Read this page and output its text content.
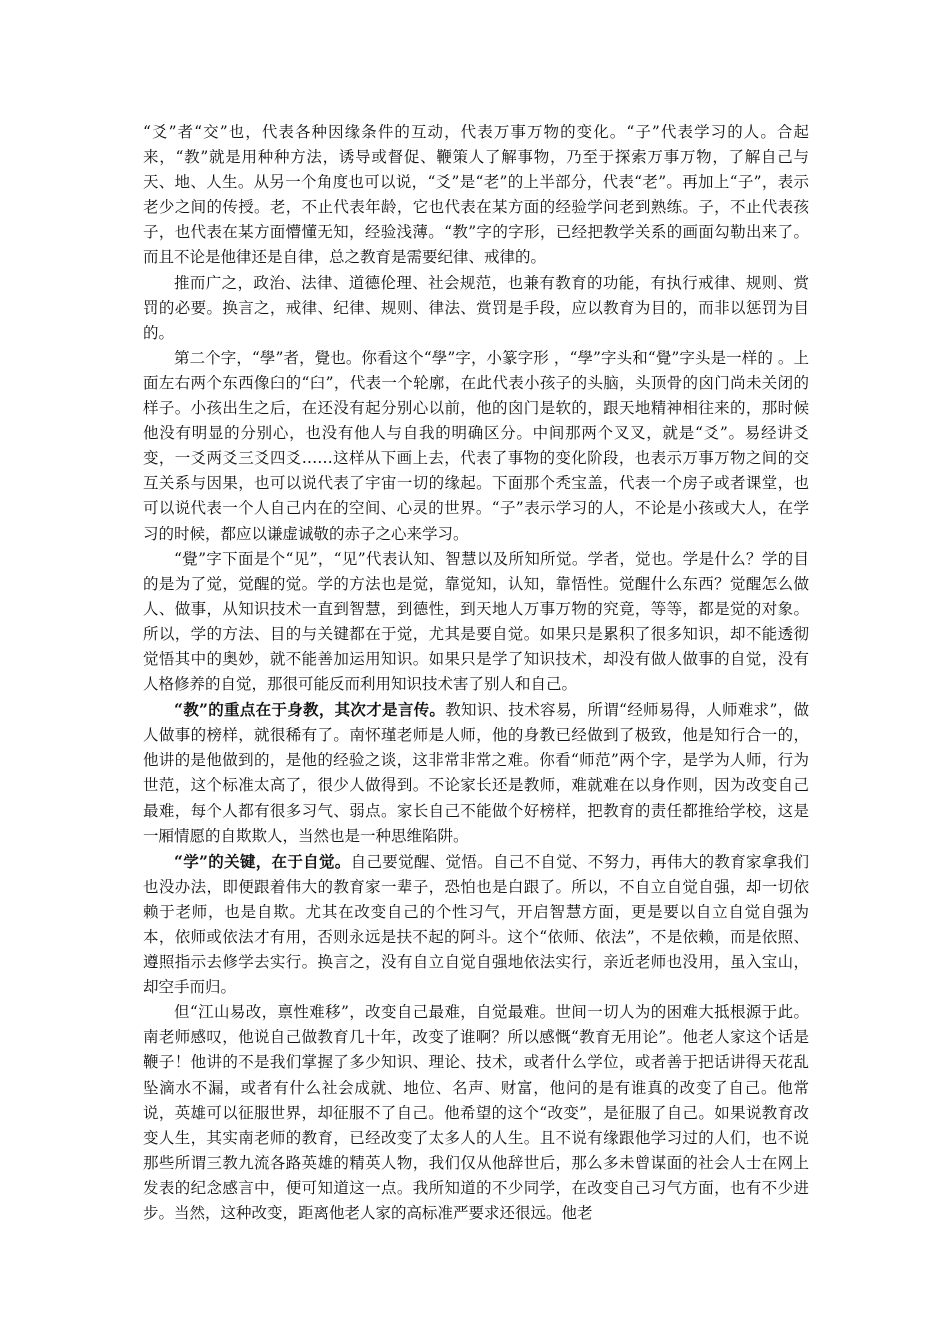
“爻”者“交”也，代表各种因缘条件的互动，代表万事万物的变化。“子”代表学习的人。合起来，“教”就是用种种方法，诱导或督促、鞭策人了解事物，乃至于探索万事万物，了解自己与天、地、人生。从另一个角度也可以说，“爻”是“老”的上半部分，代表“老”。再加上“子”，表示老少之间的传授。老，不止代表年龄，它也代表在某方面的经验学问老到熟练。子，不止代表孩子，也代表在某方面懵懂无知，经验浅薄。“教”字的字形，已经把教学关系的画面勾勒出来了。而且不论是他律还是自律，总之教育是需要纪律、戒律的。

推而广之，政治、法律、道德伦理、社会规范，也兼有教育的功能，有执行戒律、规则、赏罚的必要。换言之，戒律、纪律、规则、律法、赏罚是手段，应以教育为目的，而非以惩罚为目的。

第二个字，“學”者，覺也。你看这个“學”字，小篆字形 ，“學”字头和“覺”字头是一样的 。上面左右两个东西像臼的“臼”，代表一个轮廓，在此代表小孩子的头脑，头顶骨的囟门尚未关闭的样子。小孩出生之后，在还没有起分别心以前，他的囟门是软的，跟天地精神相往来的，那时候他没有明显的分别心，也没有他人与自我的明确区分。中间那两个叉叉，就是“爻”。易经讲爻变，一爻两爻三爻四爻……这样从下画上去，代表了事物的变化阶段，也表示万事万物之间的交互关系与因果，也可以说代表了宇宙一切的缘起。下面那个秃宝盖，代表一个房子或者课堂，也可以说代表一个人自己内在的空间、心灵的世界。“子”表示学习的人，不论是小孩或大人，在学习的时候，都应以谦虚诚敬的赤子之心来学习。

“覺”字下面是个“见”，“见”代表认知、智慧以及所知所觉。学者，觉也。学是什么？学的目的是为了觉，觉醒的觉。学的方法也是觉，靠觉知，认知，靠悟性。觉醒什么东西？觉醒怎么做人、做事，从知识技术一直到智慧，到德性，到天地人万事万物的究竟，等等，都是觉的对象。所以，学的方法、目的与关键都在于觉，尤其是要自觉。如果只是累积了很多知识，却不能透彻觉悟其中的奥妙，就不能善加运用知识。如果只是学了知识技术，却没有做人做事的自觉，没有人格修养的自觉，那很可能反而利用知识技术害了别人和自己。

“教”的重点在于身教，其次才是言传。教知识、技术容易，所谓“经师易得，人师难求”，做人做事的榜样，就很稀有了。南怀瑾老师是人师，他的身教已经做到了极致，他是知行合一的，他讲的是他做到的，是他的经验之谈，这非常非常之难。你看“师范”两个字，是学为人师，行为世范，这个标准太高了，很少人做得到。不论家长还是教师，难就难在以身作则，因为改变自己最难，每个人都有很多习气、弱点。家长自己不能做个好榜样，把教育的责任都推给学校，这是一厢情愿的自欺欺人，当然也是一种思维陷阱。

“学”的关键，在于自觉。自己要觉醒、觉悟。自己不自觉、不努力，再伟大的教育家拿我们也没办法，即便跟着伟大的教育家一辈子，恐怕也是白跟了。所以，不自立自觉自强，却一切依赖于老师，也是自欺。尤其在改变自己的个性习气，开启智慧方面，更是要以自立自觉自强为本，依师或依法才有用，否则永远是扶不起的阿斗。这个“依师、依法”，不是依赖，而是依照、遵照指示去修学去实行。换言之，没有自立自觉自强地依法实行，亲近老师也没用，虽入宝山，却空手而归。

但“江山易改，禀性难移”，改变自己最难，自觉最难。世间一切人为的困难大抵根源于此。南老师感叹，他说自己做教育几十年，改变了谁啊？所以感慨“教育无用论”。他老人家这个话是鞭子！他讲的不是我们掌握了多少知识、理论、技术，或者什么学位，或者善于把话讲得天花乱坠滴水不漏，或者有什么社会成就、地位、名声、财富，他问的是有谁真的改变了自己。他常说，英雄可以征服世界，却征服不了自己。他希望的这个“改变”，是征服了自己。如果说教育改变人生，其实南老师的教育，已经改变了太多人的人生。且不说有缘跟他学习过的人们，也不说那些所谓三教九流各路英雄的精英人物，我们仅从他辞世后，那么多未曾谋面的社会人士在网上发表的纪念感言中，便可知道这一点。我所知道的不少同学，在改变自己习气方面，也有不少进步。当然，这种改变，距离他老人家的高标准严要求还很远。他老
